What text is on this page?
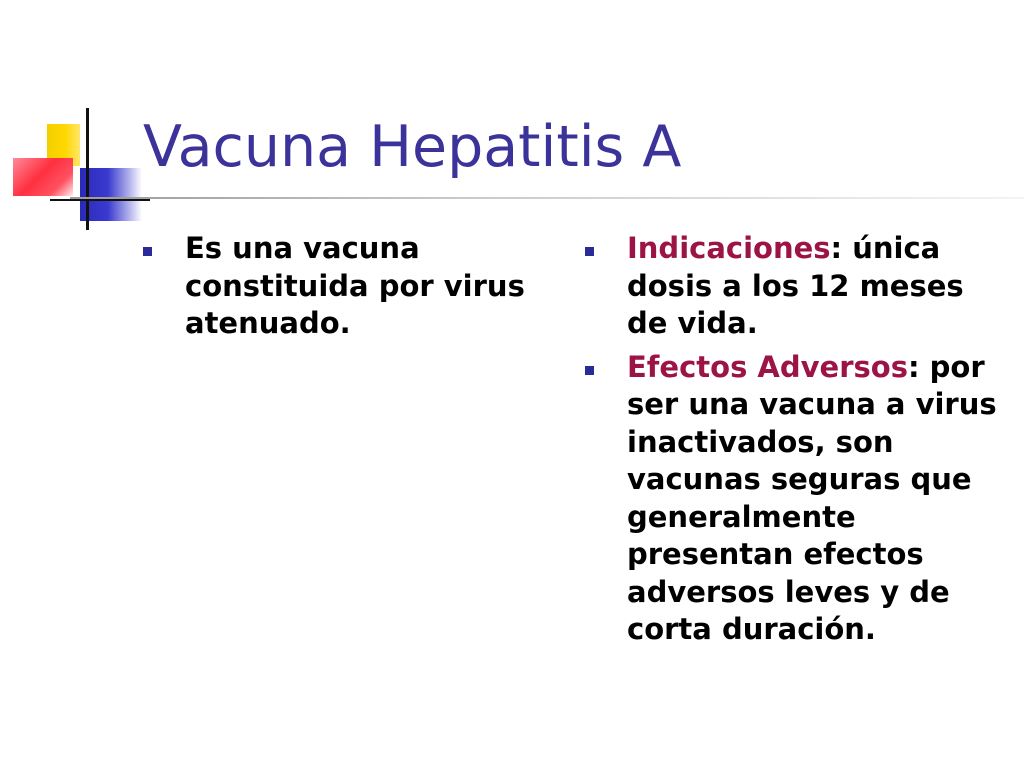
Vacuna Hepatitis A
Es una vacuna constituida por virus atenuado.
Indicaciones: única dosis a los 12 meses de vida.
Efectos Adversos: por ser una vacuna a virus inactivados, son vacunas seguras que generalmente presentan efectos adversos leves y de corta duración.
